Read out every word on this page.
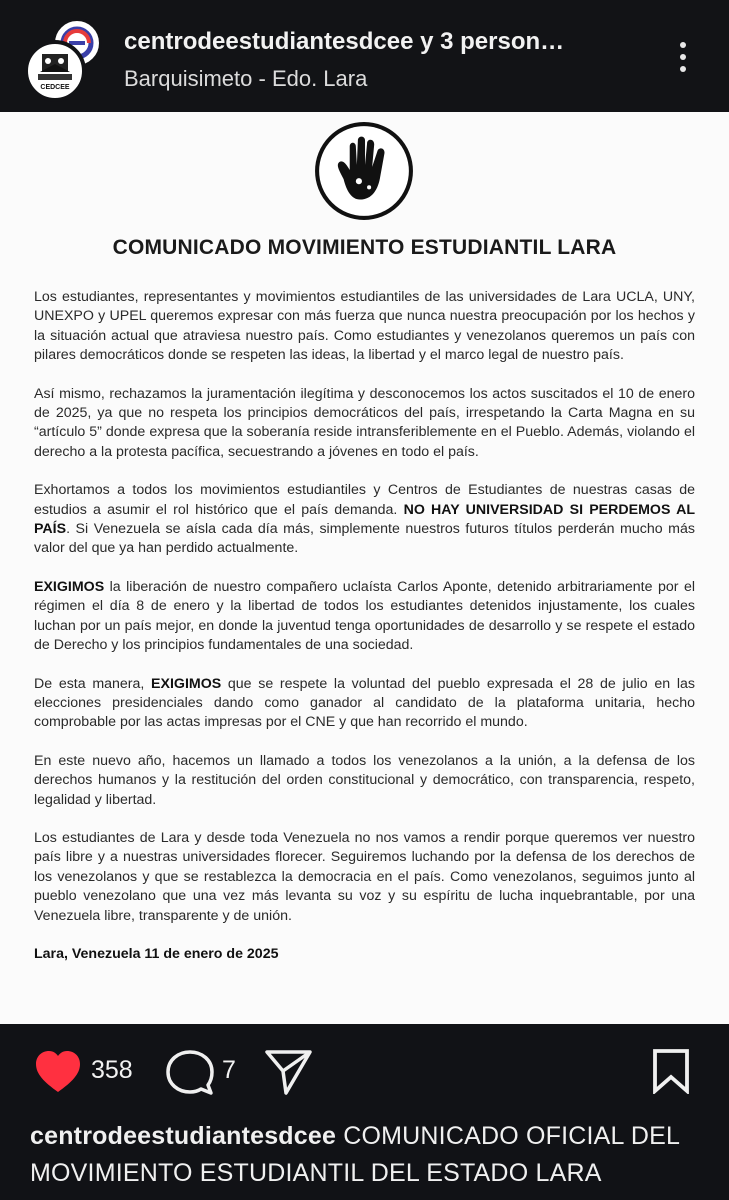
CEDCEE
centrodeestudiantesdcee y 3 person…
Barquisimeto - Edo. Lara
COMUNICADO MOVIMIENTO ESTUDIANTIL LARA

Los estudiantes, representantes y movimientos estudiantiles de las universidades de Lara UCLA, UNY, UNEXPO y UPEL queremos expresar con más fuerza que nunca nuestra preocupación por los hechos y la situación actual que atraviesa nuestro país. Como estudiantes y venezolanos queremos un país con pilares democráticos donde se respeten las ideas, la libertad y el marco legal de nuestro país.

Así mismo, rechazamos la juramentación ilegítima y desconocemos los actos suscitados el 10 de enero de 2025, ya que no respeta los principios democráticos del país, irrespetando la Carta Magna en su “artículo 5” donde expresa que la soberanía reside intransferiblemente en el Pueblo. Además, violando el derecho a la protesta pacífica, secuestrando a jóvenes en todo el país.

Exhortamos a todos los movimientos estudiantiles y Centros de Estudiantes de nuestras casas de estudios a asumir el rol histórico que el país demanda. NO HAY UNIVERSIDAD SI PERDEMOS AL PAÍS. Si Venezuela se aísla cada día más, simplemente nuestros futuros títulos perderán mucho más valor del que ya han perdido actualmente.

EXIGIMOS la liberación de nuestro compañero uclaísta Carlos Aponte, detenido arbitrariamente por el régimen el día 8 de enero y la libertad de todos los estudiantes detenidos injustamente, los cuales luchan por un país mejor, en donde la juventud tenga oportunidades de desarrollo y se respete el estado de Derecho y los principios fundamentales de una sociedad.

De esta manera, EXIGIMOS que se respete la voluntad del pueblo expresada el 28 de julio en las elecciones presidenciales dando como ganador al candidato de la plataforma unitaria, hecho comprobable por las actas impresas por el CNE y que han recorrido el mundo.

En este nuevo año, hacemos un llamado a todos los venezolanos a la unión, a la defensa de los derechos humanos y la restitución del orden constitucional y democrático, con transparencia, respeto, legalidad y libertad.

Los estudiantes de Lara y desde toda Venezuela no nos vamos a rendir porque queremos ver nuestro país libre y a nuestras universidades florecer. Seguiremos luchando por la defensa de los derechos de los venezolanos y que se restablezca la democracia en el país. Como venezolanos, seguimos junto al pueblo venezolano que una vez más levanta su voz y su espíritu de lucha inquebrantable, por una Venezuela libre, transparente y de unión.

Lara, Venezuela 11 de enero de 2025

358	7
centrodeestudiantesdcee COMUNICADO OFICIAL DEL MOVIMIENTO ESTUDIANTIL DEL ESTADO LARA
